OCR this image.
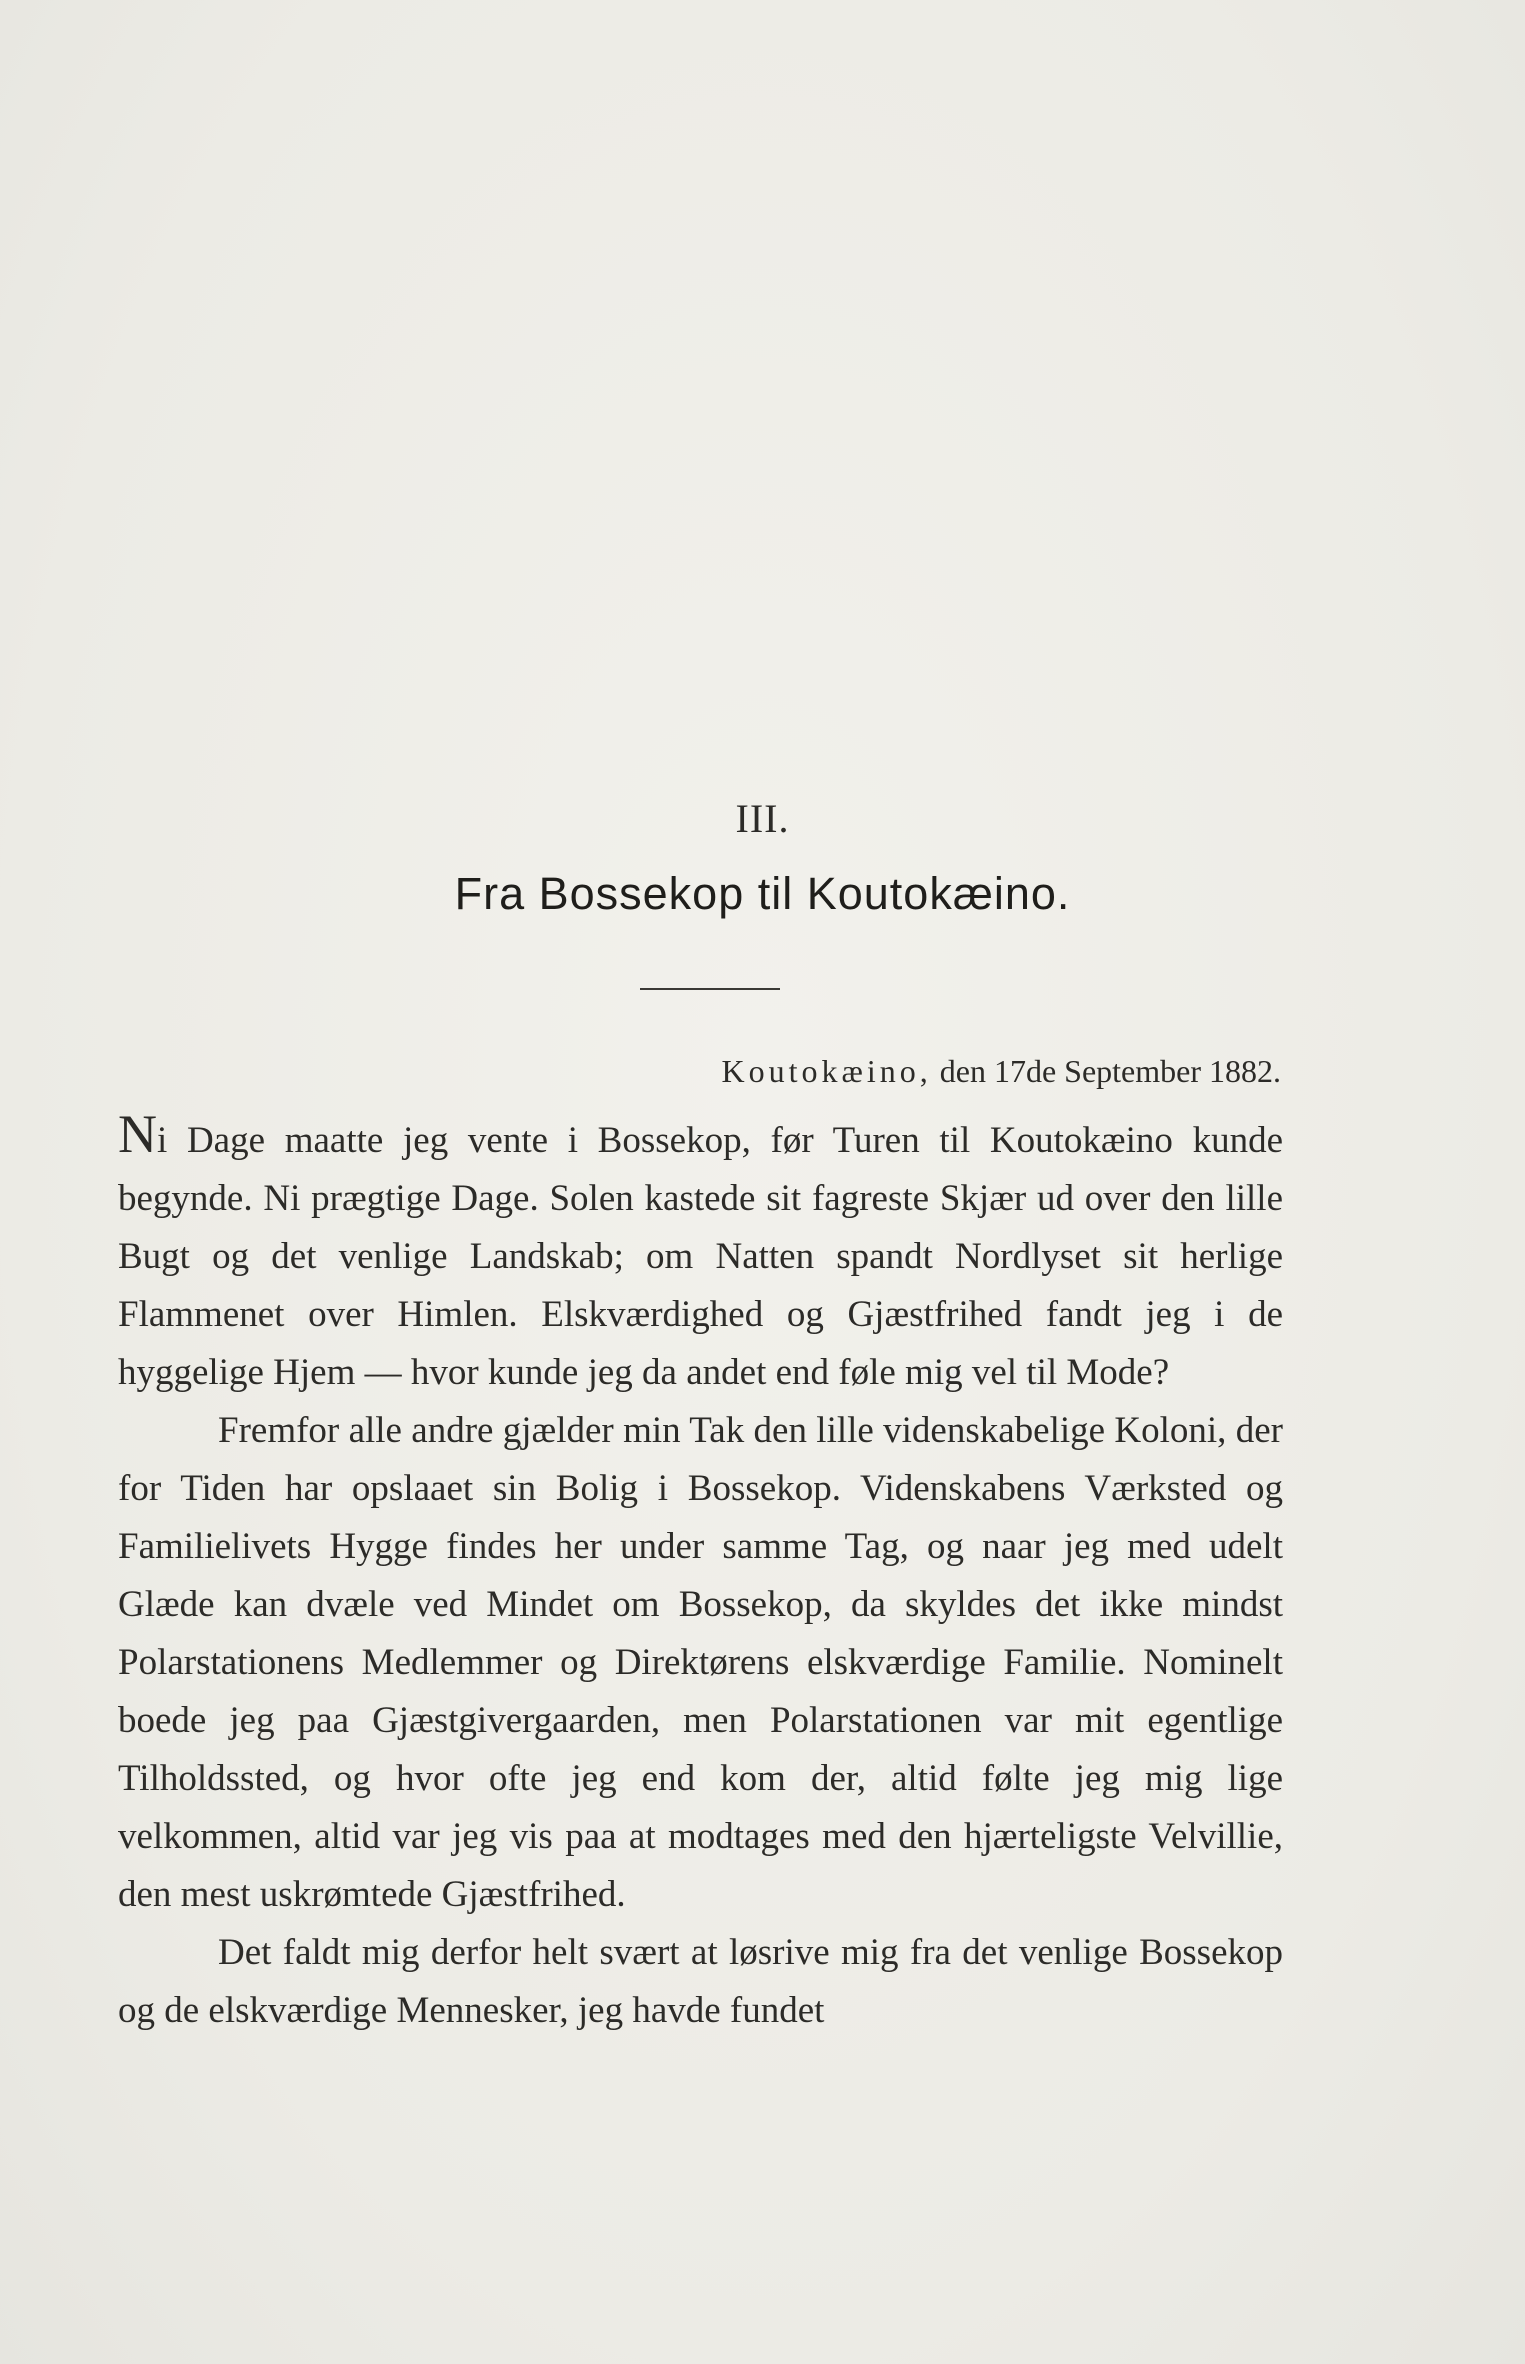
III.
Fra Bossekop til Koutokæino.
Koutokæino, den 17de September 1882.

Ni Dage maatte jeg vente i Bossekop, før Turen til Koutokæino kunde begynde. Ni prægtige Dage. Solen kastede sit fagreste Skjær ud over den lille Bugt og det venlige Landskab; om Natten spandt Nordlyset sit herlige Flammenet over Himlen. Elskværdighed og Gjæstfrihed fandt jeg i de hyggelige Hjem — hvor kunde jeg da andet end føle mig vel til Mode?

Fremfor alle andre gjælder min Tak den lille videnskabelige Koloni, der for Tiden har opslaaet sin Bolig i Bossekop. Videnskabens Værksted og Familielivets Hygge findes her under samme Tag, og naar jeg med udelt Glæde kan dvæle ved Mindet om Bossekop, da skyldes det ikke mindst Polarstationens Medlemmer og Direktørens elskværdige Familie. Nominelt boede jeg paa Gjæstgivergaarden, men Polarstationen var mit egentlige Tilholdssted, og hvor ofte jeg end kom der, altid følte jeg mig lige velkommen, altid var jeg vis paa at modtages med den hjærteligste Velvillie, den mest uskrømtede Gjæstfrihed.

Det faldt mig derfor helt svært at løsrive mig fra det venlige Bossekop og de elskværdige Mennesker, jeg havde fundet
